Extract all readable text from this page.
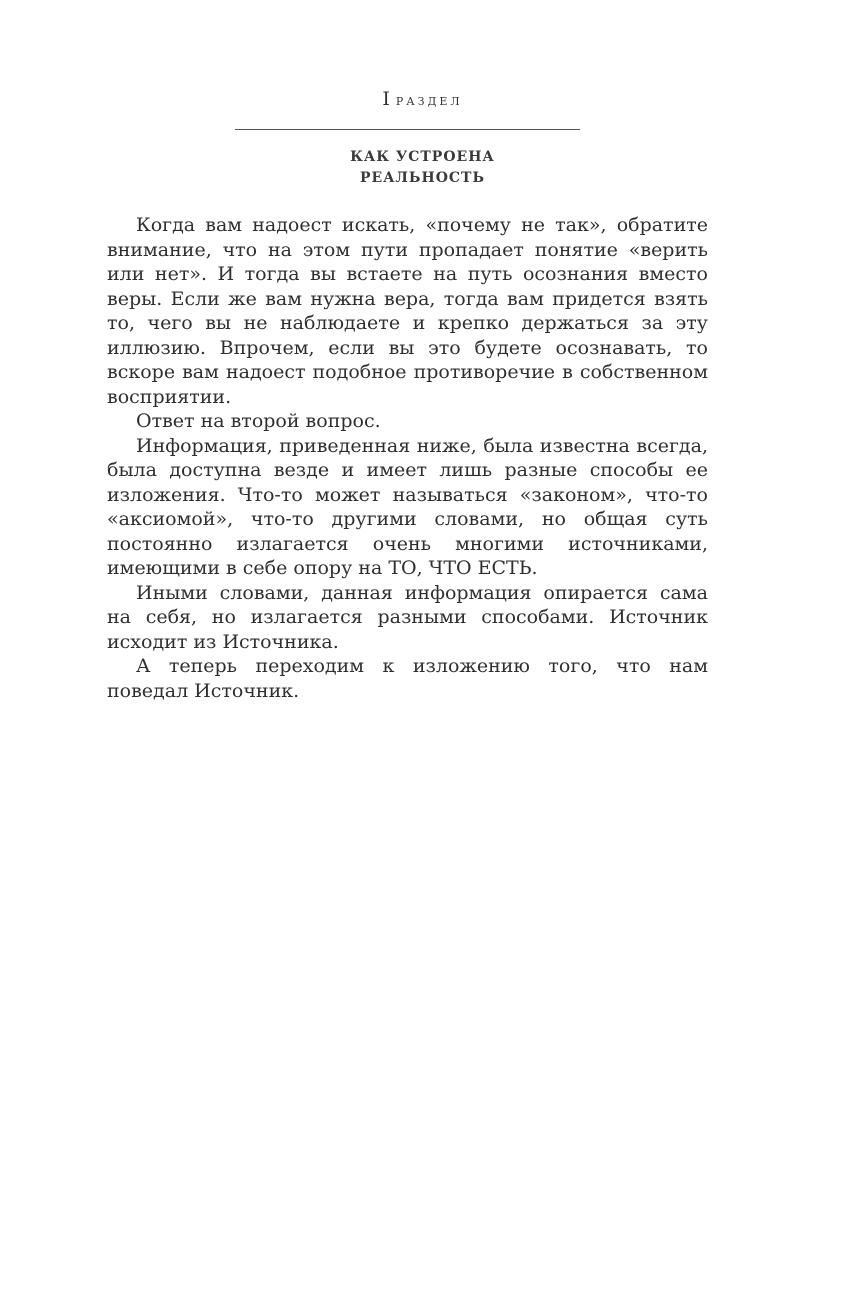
I раздел
КАК УСТРОЕНА
РЕАЛЬНОСТЬ

Когда вам надоест искать, «почему не так», обратите внимание, что на этом пути пропадает понятие «верить или нет». И тогда вы встаете на путь осознания вместо веры. Если же вам нужна вера, тогда вам придется взять то, чего вы не наблюдаете и крепко держаться за эту иллюзию. Впрочем, если вы это будете осознавать, то вскоре вам надоест подобное противоречие в собственном восприятии.

Ответ на второй вопрос.

Информация, приведенная ниже, была известна всегда, была доступна везде и имеет лишь разные способы ее изложения. Что-то может называться «законом», что-то «аксиомой», что-то другими словами, но общая суть постоянно излагается очень многими источниками, имеющими в себе опору на ТО, ЧТО ЕСТЬ.

Иными словами, данная информация опирается сама на себя, но излагается разными способами. Источник исходит из Источника.

А теперь переходим к изложению того, что нам поведал Источник.
